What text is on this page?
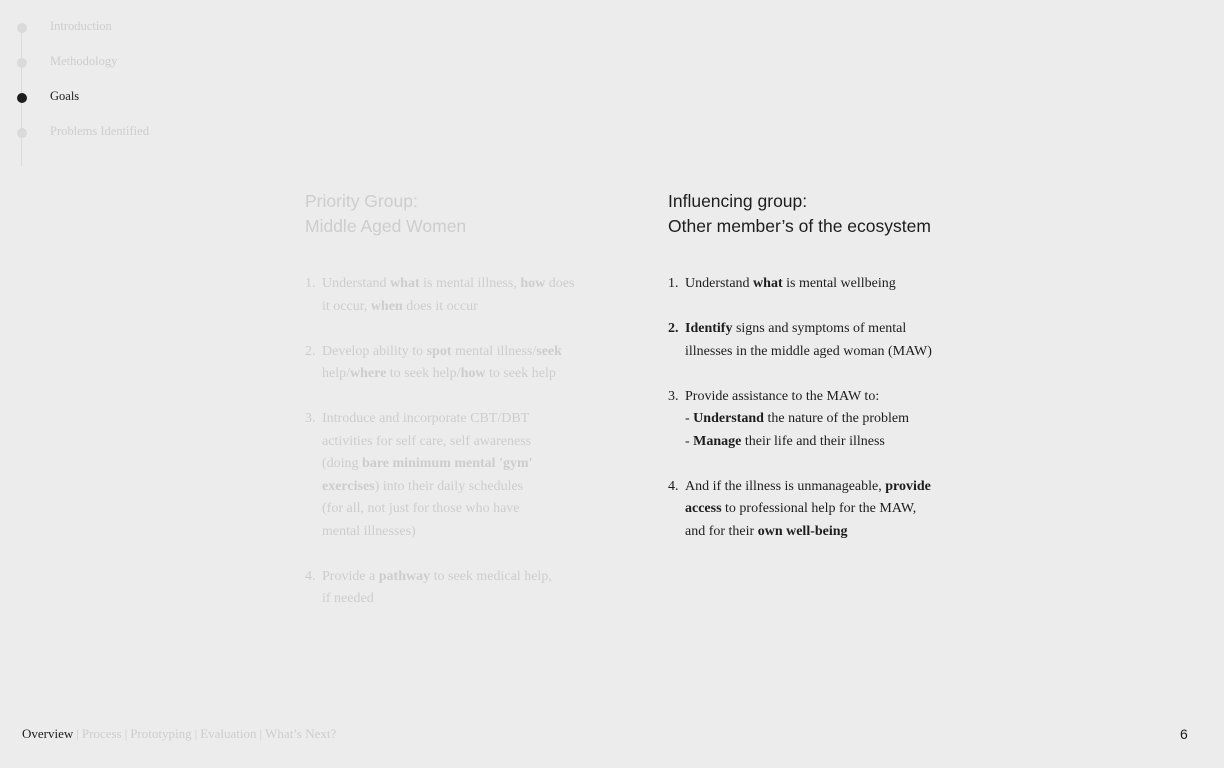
Introduction
Methodology
Goals
Problems Identified
Priority Group:
Middle Aged Women
1. Understand what is mental illness, how does
it occur, when does it occur
2. Develop ability to spot mental illness/seek
help/where to seek help/how to seek help
3. Introduce and incorporate CBT/DBT
activities for self care, self awareness
(doing bare minimum mental 'gym'
exercises) into their daily schedules
(for all, not just for those who have
mental illnesses)
4. Provide a pathway to seek medical help,
if needed
Influencing group:
Other member’s of the ecosystem
1. Understand what is mental wellbeing
2. Identify signs and symptoms of mental
illnesses in the middle aged woman (MAW)
3. Provide assistance to the MAW to:
- Understand the nature of the problem
- Manage their life and their illness
4. And if the illness is unmanageable, provide
access to professional help for the MAW,
and for their own well-being
Overview | Process | Prototyping | Evaluation | What’s Next?	6
